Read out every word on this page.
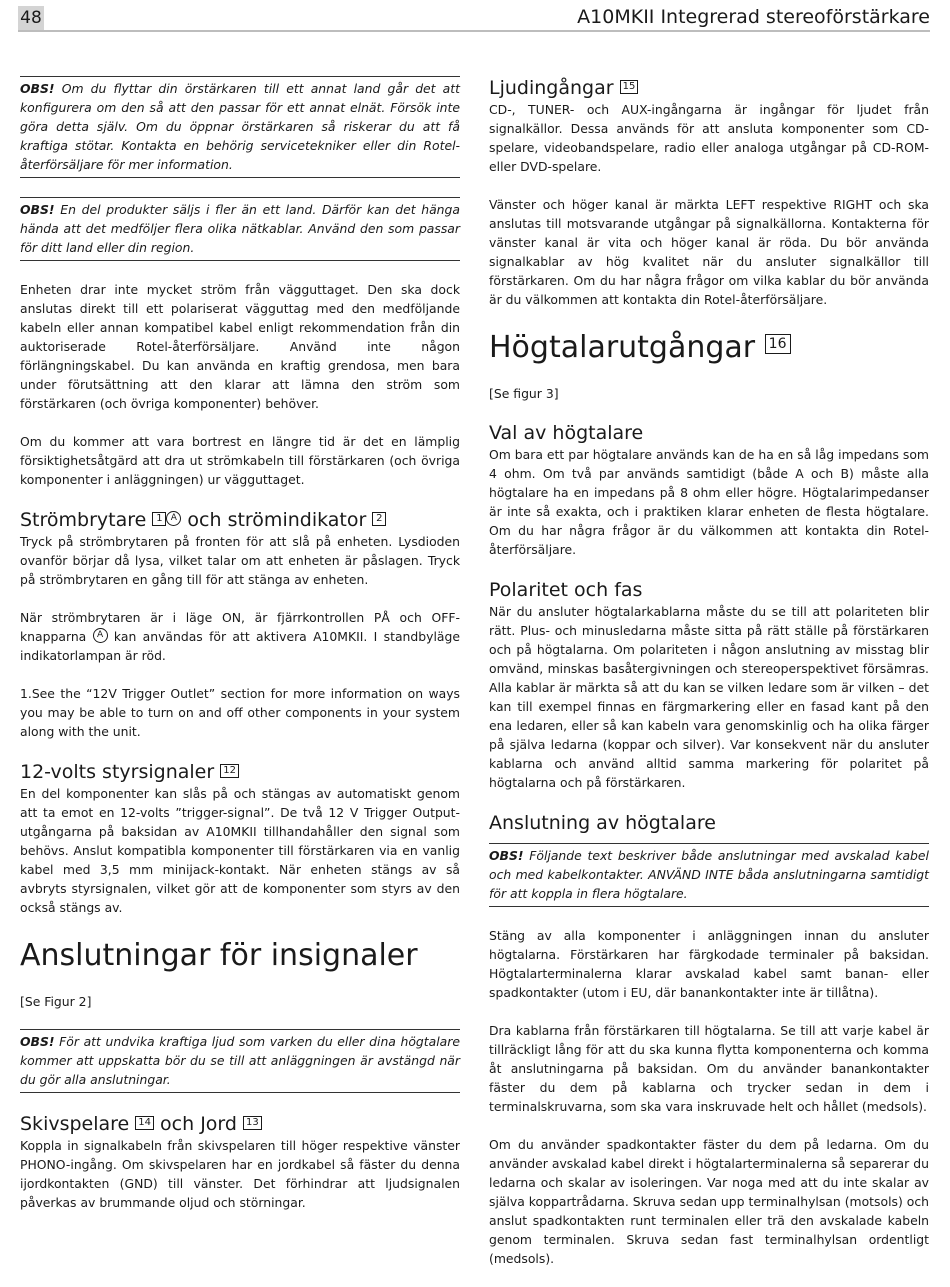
48	A10MKII Integrerad stereoförstärkare
OBS! Om du flyttar din örstärkaren till ett annat land går det att konfigurera om den så att den passar för ett annat elnät. Försök inte göra detta själv. Om du öppnar örstärkaren så riskerar du att få kraftiga stötar. Kontakta en behörig servicetekniker eller din Rotel-återförsäljare för mer information.
OBS! En del produkter säljs i fler än ett land. Därför kan det hänga hända att det medföljer flera olika nätkablar. Använd den som passar för ditt land eller din region.

Enheten drar inte mycket ström från vägguttaget. Den ska dock anslutas direkt till ett polariserat vägguttag med den medföljande kabeln eller annan kompatibel kabel enligt rekommendation från din auktoriserade Rotel-återförsäljare. Använd inte någon förlängningskabel. Du kan använda en kraftig grendosa, men bara under förutsättning att den klarar att lämna den ström som förstärkaren (och övriga komponenter) behöver.

Om du kommer att vara bortrest en längre tid är det en lämplig försiktighetsåtgärd att dra ut strömkabeln till förstärkaren (och övriga komponenter i anläggningen) ur vägguttaget.

Strömbrytare 1 A och strömindikator 2

Tryck på strömbrytaren på fronten för att slå på enheten. Lysdioden ovanför börjar då lysa, vilket talar om att enheten är påslagen. Tryck på strömbrytaren en gång till för att stänga av enheten.

När strömbrytaren är i läge ON, är fjärrkontrollen PÅ och OFF-knapparna A kan användas för att aktivera A10MKII. I standbyläge indikatorlampan är röd.

1.See the “12V Trigger Outlet” section for more information on ways you may be able to turn on and off other components in your system along with the unit.

12-volts styrsignaler 12

En del komponenter kan slås på och stängas av automatiskt genom att ta emot en 12-volts ”trigger-signal”. De två 12 V Trigger Output-utgångarna på baksidan av A10MKII tillhandahåller den signal som behövs. Anslut kompatibla komponenter till förstärkaren via en vanlig kabel med 3,5 mm minijack-kontakt. När enheten stängs av så avbryts styrsignalen, vilket gör att de komponenter som styrs av den också stängs av.

Anslutningar för insignaler

[Se Figur 2]

OBS! För att undvika kraftiga ljud som varken du eller dina högtalare kommer att uppskatta bör du se till att anläggningen är avstängd när du gör alla anslutningar.
Skivspelare 14 och Jord 13

Koppla in signalkabeln från skivspelaren till höger respektive vänster PHONO-ingång. Om skivspelaren har en jordkabel så fäster du denna ijordkontakten (GND) till vänster. Det förhindrar att ljudsignalen påverkas av brummande oljud och störningar.

Ljudingångar 15

CD-, TUNER- och AUX-ingångarna är ingångar för ljudet från signalkällor. Dessa används för att ansluta komponenter som CD-spelare, videobandspelare, radio eller analoga utgångar på CD-ROM- eller DVD-spelare.

Vänster och höger kanal är märkta LEFT respektive RIGHT och ska anslutas till motsvarande utgångar på signalkällorna. Kontakterna för vänster kanal är vita och höger kanal är röda. Du bör använda signalkablar av hög kvalitet när du ansluter signalkällor till förstärkaren. Om du har några frågor om vilka kablar du bör använda är du välkommen att kontakta din Rotel-återförsäljare.

Högtalarutgångar 16

[Se figur 3]

Val av högtalare

Om bara ett par högtalare används kan de ha en så låg impedans som 4 ohm. Om två par används samtidigt (både A och B) måste alla högtalare ha en impedans på 8 ohm eller högre. Högtalarimpedanser är inte så exakta, och i praktiken klarar enheten de flesta högtalare. Om du har några frågor är du välkommen att kontakta din Rotel-återförsäljare.

Polaritet och fas

När du ansluter högtalarkablarna måste du se till att polariteten blir rätt. Plus- och minusledarna måste sitta på rätt ställe på förstärkaren och på högtalarna. Om polariteten i någon anslutning av misstag blir omvänd, minskas basåtergivningen och stereoperspektivet försämras. Alla kablar är märkta så att du kan se vilken ledare som är vilken – det kan till exempel finnas en färgmarkering eller en fasad kant på den ena ledaren, eller så kan kabeln vara genomskinlig och ha olika färger på själva ledarna (koppar och silver). Var konsekvent när du ansluter kablarna och använd alltid samma markering för polaritet på högtalarna och på förstärkaren.

Anslutning av högtalare
OBS! Följande text beskriver både anslutningar med avskalad kabel och med kabelkontakter. ANVÄND INTE båda anslutningarna samtidigt för att koppla in flera högtalare.

Stäng av alla komponenter i anläggningen innan du ansluter högtalarna. Förstärkaren har färgkodade terminaler på baksidan. Högtalarterminalerna klarar avskalad kabel samt banan- eller spadkontakter (utom i EU, där banankontakter inte är tillåtna).

Dra kablarna från förstärkaren till högtalarna. Se till att varje kabel är tillräckligt lång för att du ska kunna flytta komponenterna och komma åt anslutningarna på baksidan. Om du använder banankontakter fäster du dem på kablarna och trycker sedan in dem i terminalskruvarna, som ska vara inskruvade helt och hållet (medsols).

Om du använder spadkontakter fäster du dem på ledarna. Om du använder avskalad kabel direkt i högtalarterminalerna så separerar du ledarna och skalar av isoleringen. Var noga med att du inte skalar av själva koppartrådarna. Skruva sedan upp terminalhylsan (motsols) och anslut spadkontakten runt terminalen eller trä den avskalade kabeln genom terminalen. Skruva sedan fast terminalhylsan ordentligt (medsols).
